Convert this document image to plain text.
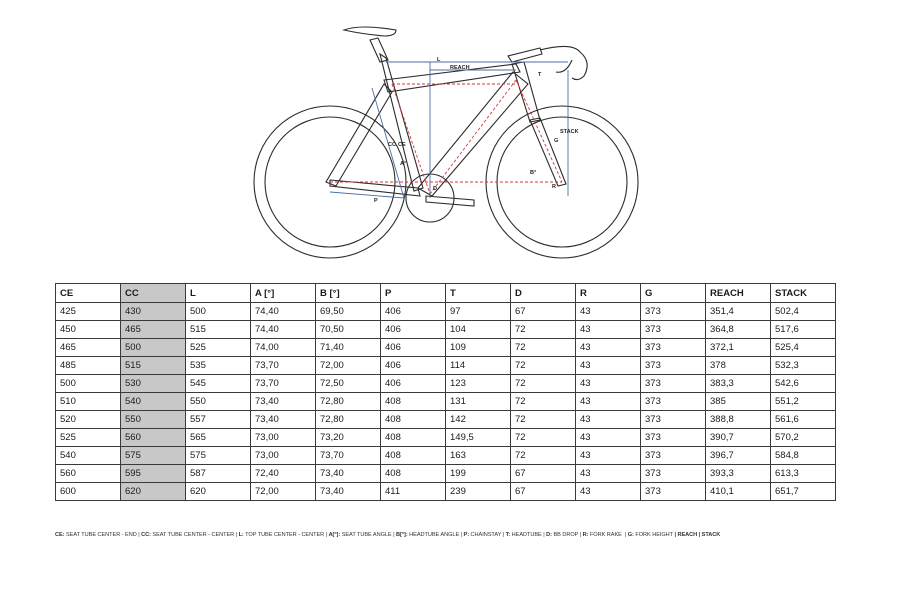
L
REACH
STACK
T
CC CE
A°
B°
P
G
D	R
CE	CC	L	A [°]	B [°]	P	T	D	R	G	REACH	STACK
425	430	500	74,40	69,50	406	97	67	43	373	351,4	502,4
450	465	515	74,40	70,50	406	104	72	43	373	364,8	517,6
465	500	525	74,00	71,40	406	109	72	43	373	372,1	525,4
485	515	535	73,70	72,00	406	114	72	43	373	378	532,3
500	530	545	73,70	72,50	406	123	72	43	373	383,3	542,6
510	540	550	73,40	72,80	408	131	72	43	373	385	551,2
520	550	557	73,40	72,80	408	142	72	43	373	388,8	561,6
525	560	565	73,00	73,20	408	149,5	72	43	373	390,7	570,2
540	575	575	73,00	73,70	408	163	72	43	373	396,7	584,8
560	595	587	72,40	73,40	408	199	67	43	373	393,3	613,3
600	620	620	72,00	73,40	411	239	67	43	373	410,1	651,7
CE: SEAT TUBE CENTER - END | CC: SEAT TUBE CENTER - CENTER | L: TOP TUBE CENTER - CENTER | A[°]: SEAT TUBE ANGLE | B[°]: HEADTUBE ANGLE | P: CHAINSTAY | T: HEADTUBE | D: BB DROP | R: FORK RAKE  | G: FORK HEIGHT | REACH | STACK
